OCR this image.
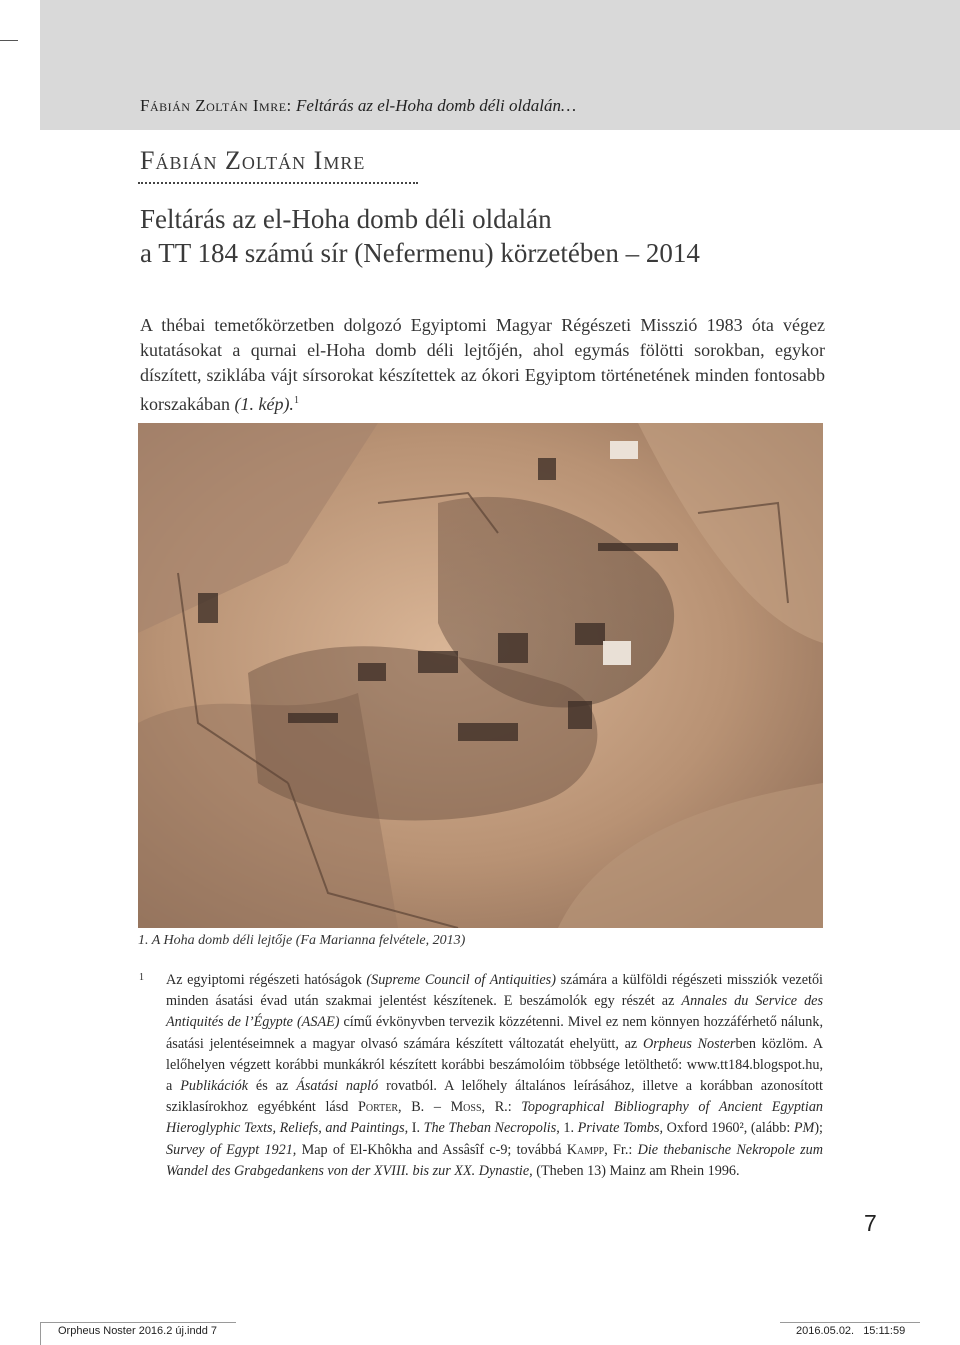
Fábián Zoltán Imre: Feltárás az el-Hoha domb déli oldalán…
Fábián Zoltán Imre
Feltárás az el-Hoha domb déli oldalán
a TT 184 számú sír (Nefermenu) körzetében – 2014
A thébai temetőkörzetben dolgozó Egyiptomi Magyar Régészeti Misszió 1983 óta végez kutatásokat a qurnai el-Hoha domb déli lejtőjén, ahol egymás fölötti sorokban, egykor díszített, sziklába vájt sírsorokat készítettek az ókori Egyiptom történetének minden fontosabb korszakában (1. kép).$^1$
1. A Hoha domb déli lejtője (Fa Marianna felvétele, 2013)
1 Az egyiptomi régészeti hatóságok (Supreme Council of Antiquities) számára a külföldi régészeti missziók vezetői minden ásatási évad után szakmai jelentést készítenek. E beszámolók egy részét az Annales du Service des Antiquités de l’Égypte (ASAE) című évkönyvben tervezik közzétenni. Mivel ez nem könnyen hozzáférhető nálunk, ásatási jelentéseimnek a magyar olvasó számára készített változatát ehelyütt, az Orpheus Nosterben közlöm. A lelőhelyen végzett korábbi munkákról készített korábbi beszámolóim többsége letölthető: www.tt184.blogspot.hu, a Publikációk és az Ásatási napló rovatból. A lelőhely általános leírásához, illetve a korábban azonosított sziklasírokhoz egyébként lásd Porter, B. – Moss, R.: Topographical Bibliography of Ancient Egyptian Hieroglyphic Texts, Reliefs, and Paintings, I. The Theban Necropolis, 1. Private Tombs, Oxford 1960², (alább: PM); Survey of Egypt 1921, Map of El-Khôkha and Assâsîf c-9; továbbá Kampp, Fr.: Die thebanische Nekropole zum Wandel des Grabgedankens von der XVIII. bis zur XX. Dynastie, (Theben 13) Mainz am Rhein 1996.
7
Orpheus Noster 2016.2 új.indd 7	2016.05.02. 15:11:59
